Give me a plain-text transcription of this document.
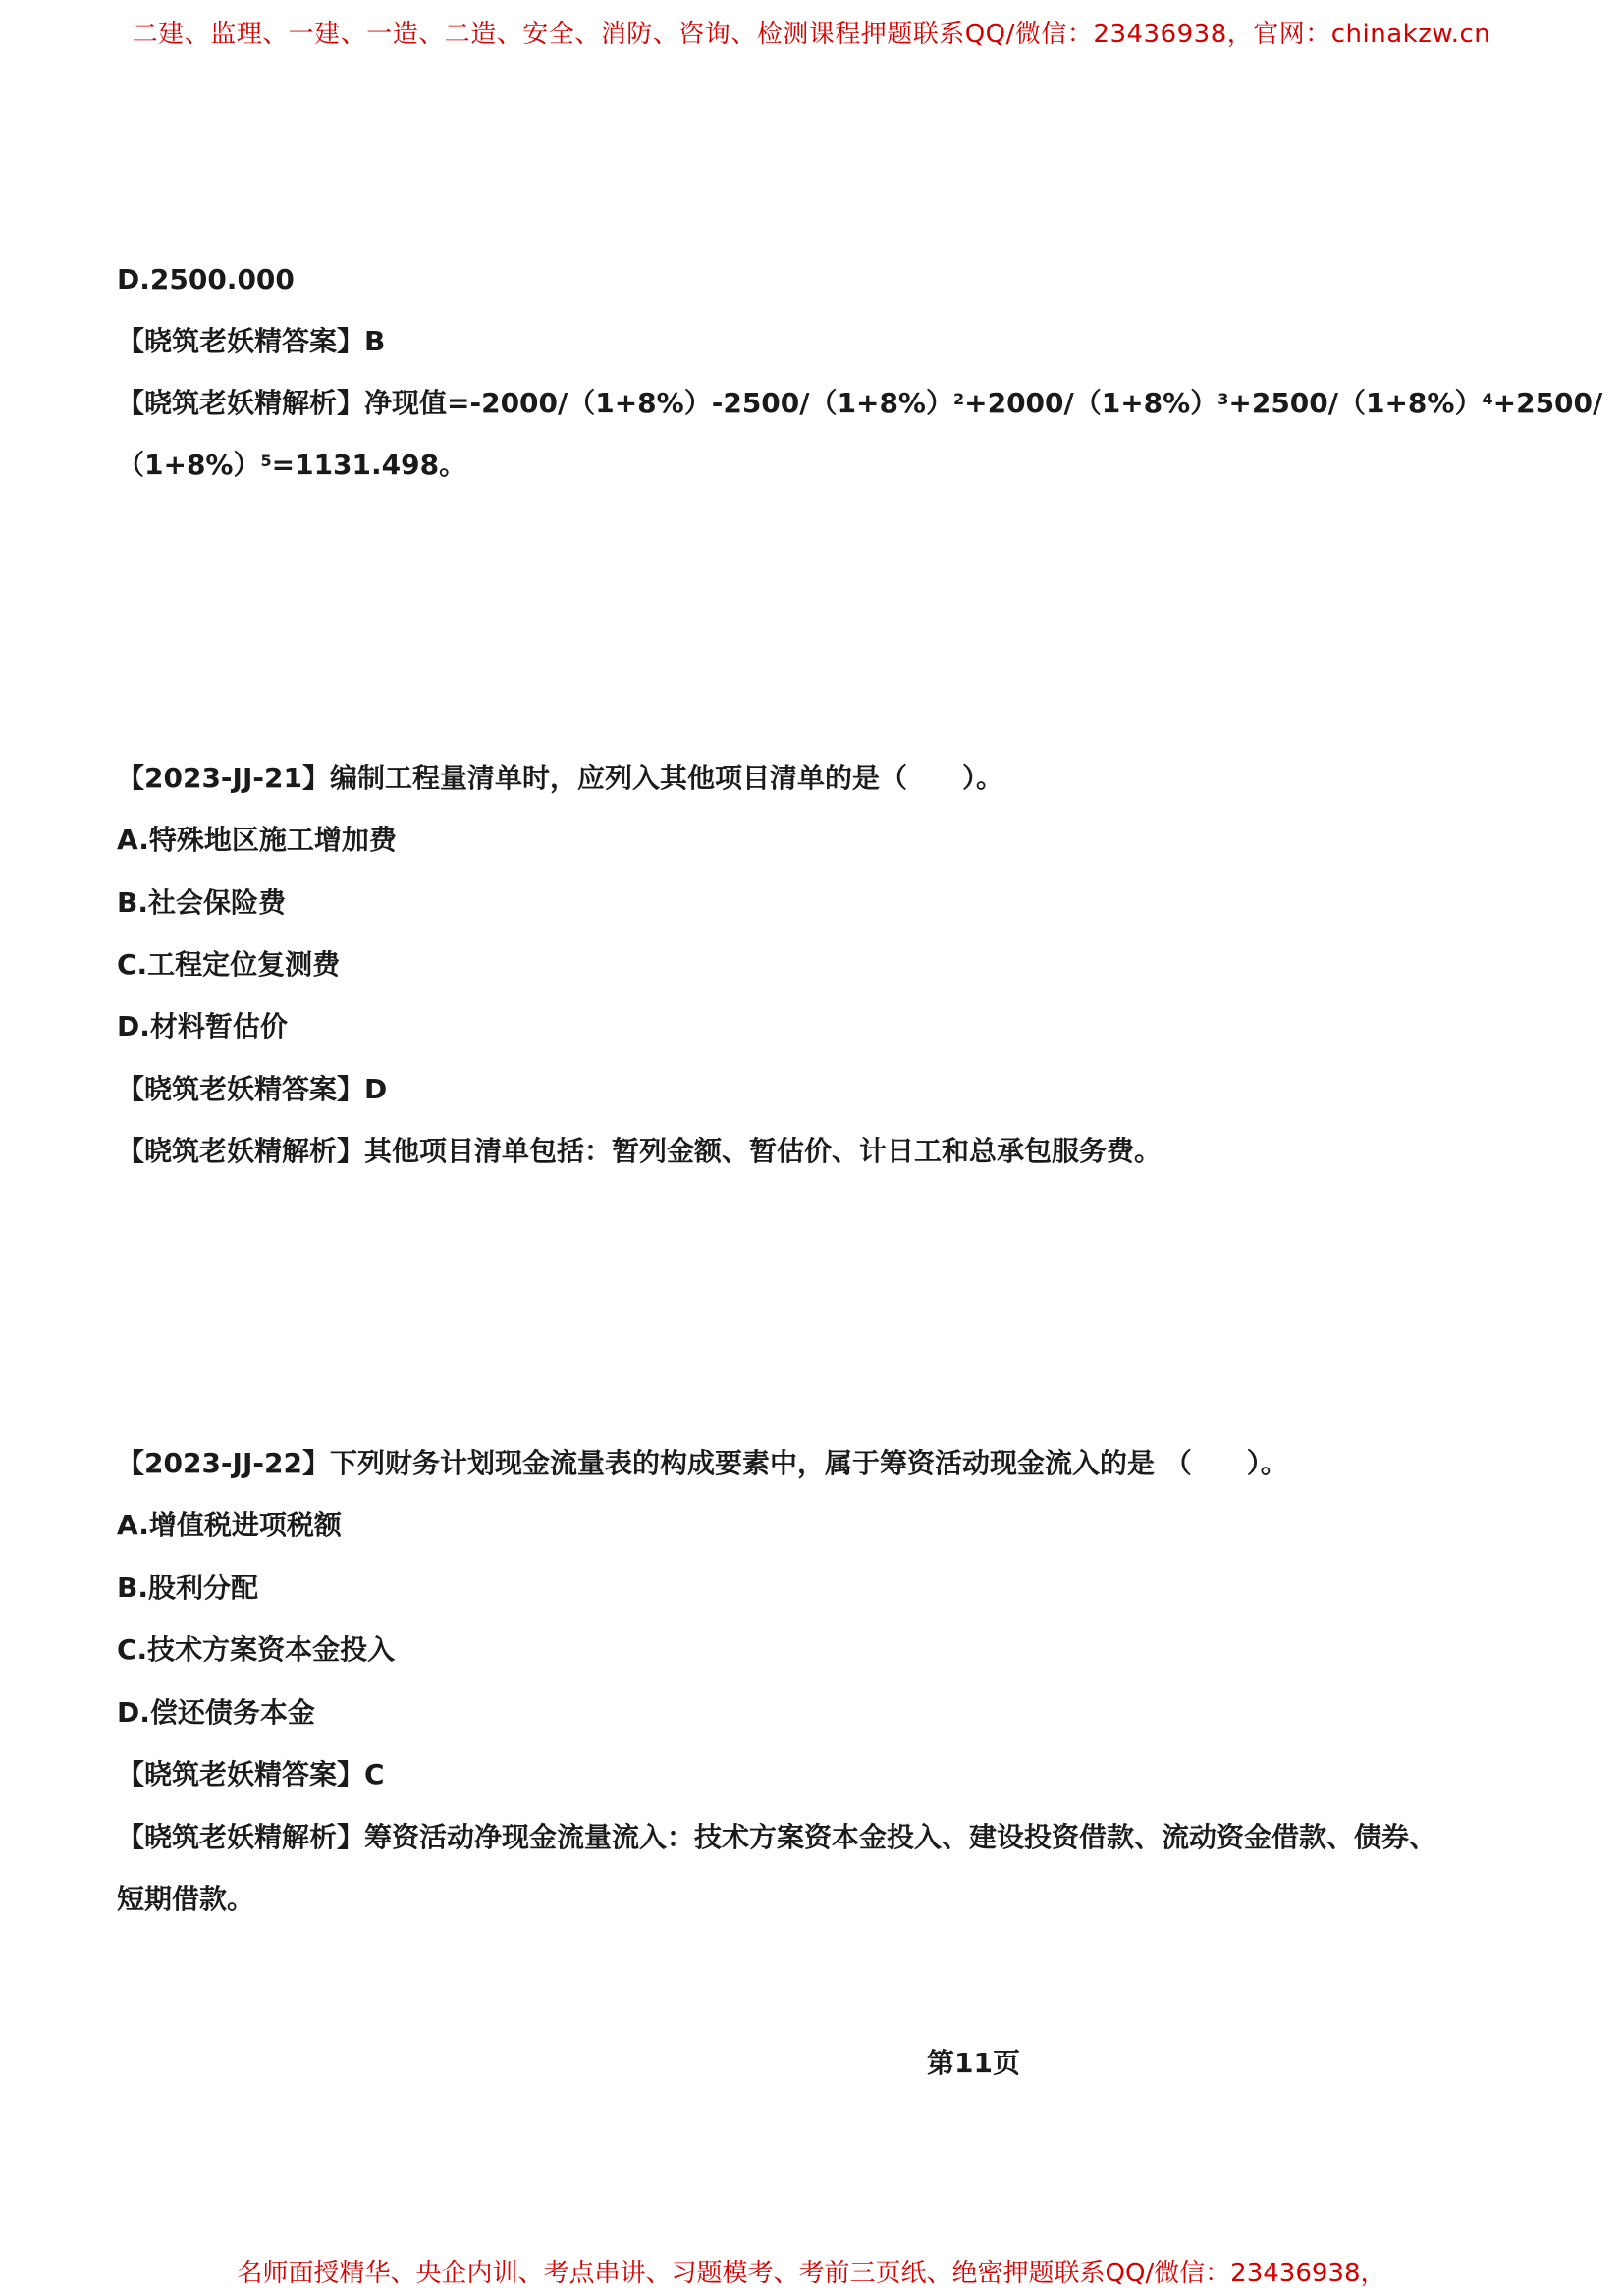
二建、监理、一建、一造、二造、安全、消防、咨询、检测课程押题联系QQ/微信：23436938，官网：chinakzw.cn
D.2500.000
【晓筑老妖精答案】B
【晓筑老妖精解析】净现值$=-2000/(1+8\%)-2500/(1+8\%)^2+2000/(1+8\%)^3+2500/(1+8\%)^4+2500/$
$(1+8\%)^5=1131.498$。
【2023-JJ-21】编制工程量清单时，应列入其他项目清单的是（　　）。
A.特殊地区施工增加费
B.社会保险费
C.工程定位复测费
D.材料暂估价
【晓筑老妖精答案】D
【晓筑老妖精解析】其他项目清单包括：暂列金额、暂估价、计日工和总承包服务费。
【2023-JJ-22】下列财务计划现金流量表的构成要素中，属于筹资活动现金流入的是 （　　）。
A.增值税进项税额
B.股利分配
C.技术方案资本金投入
D.偿还债务本金
【晓筑老妖精答案】C
【晓筑老妖精解析】筹资活动净现金流量流入：技术方案资本金投入、建设投资借款、流动资金借款、债券、
短期借款。
第11页
名师面授精华、央企内训、考点串讲、习题模考、考前三页纸、绝密押题联系QQ/微信：23436938，
